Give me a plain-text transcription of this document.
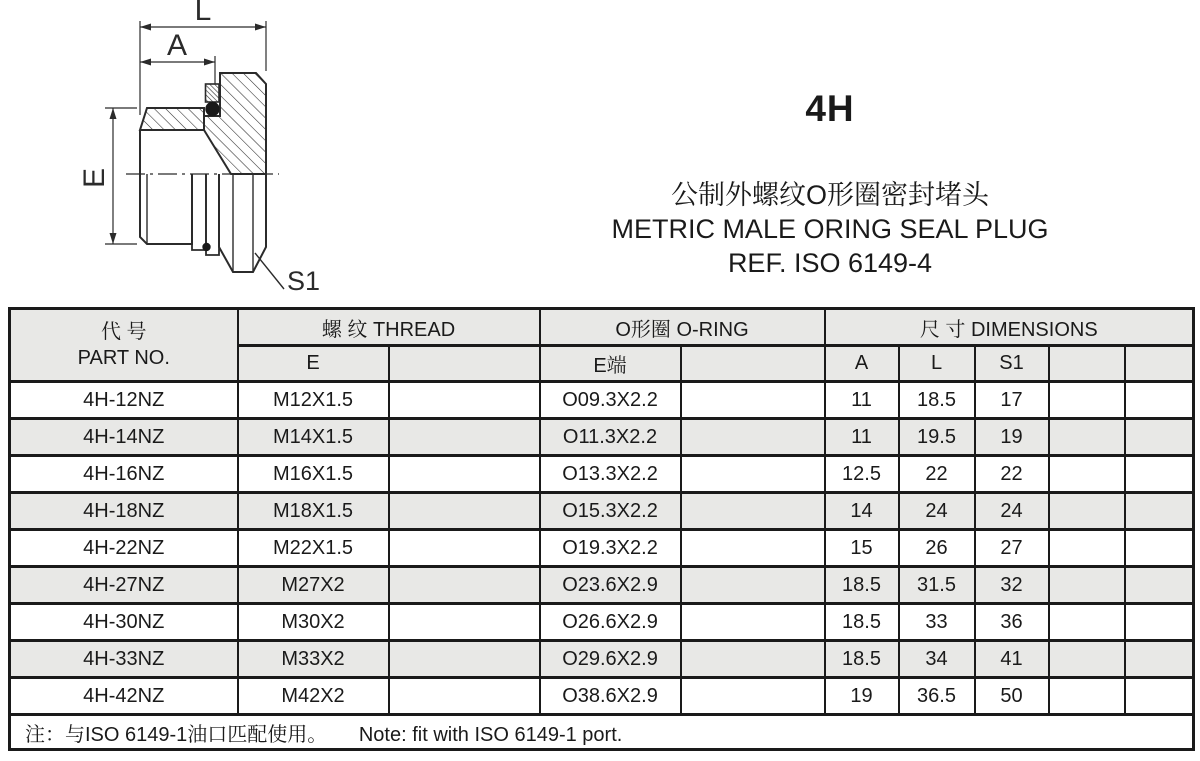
L
A
E
S1
4H
公制外螺纹O形圈密封堵头
METRIC MALE ORING SEAL PLUG
REF. ISO 6149-4
代 号
PART NO.	螺 纹 THREAD		O形圈 O-RING		尺 寸 DIMENSIONS				
	E		E端		A	L	S1		
4H-12NZ	M12X1.5		O09.3X2.2		11	18.5	17		
4H-14NZ	M14X1.5		O11.3X2.2		11	19.5	19		
4H-16NZ	M16X1.5		O13.3X2.2		12.5	22	22		
4H-18NZ	M18X1.5		O15.3X2.2		14	24	24		
4H-22NZ	M22X1.5		O19.3X2.2		15	26	27		
4H-27NZ	M27X2		O23.6X2.9		18.5	31.5	32		
4H-30NZ	M30X2		O26.6X2.9		18.5	33	36		
4H-33NZ	M33X2		O29.6X2.9		18.5	34	41		
4H-42NZ	M42X2		O38.6X2.9		19	36.5	50		
注：与ISO 6149-1油口匹配使用。 Note: fit with ISO 6149-1 port.									
